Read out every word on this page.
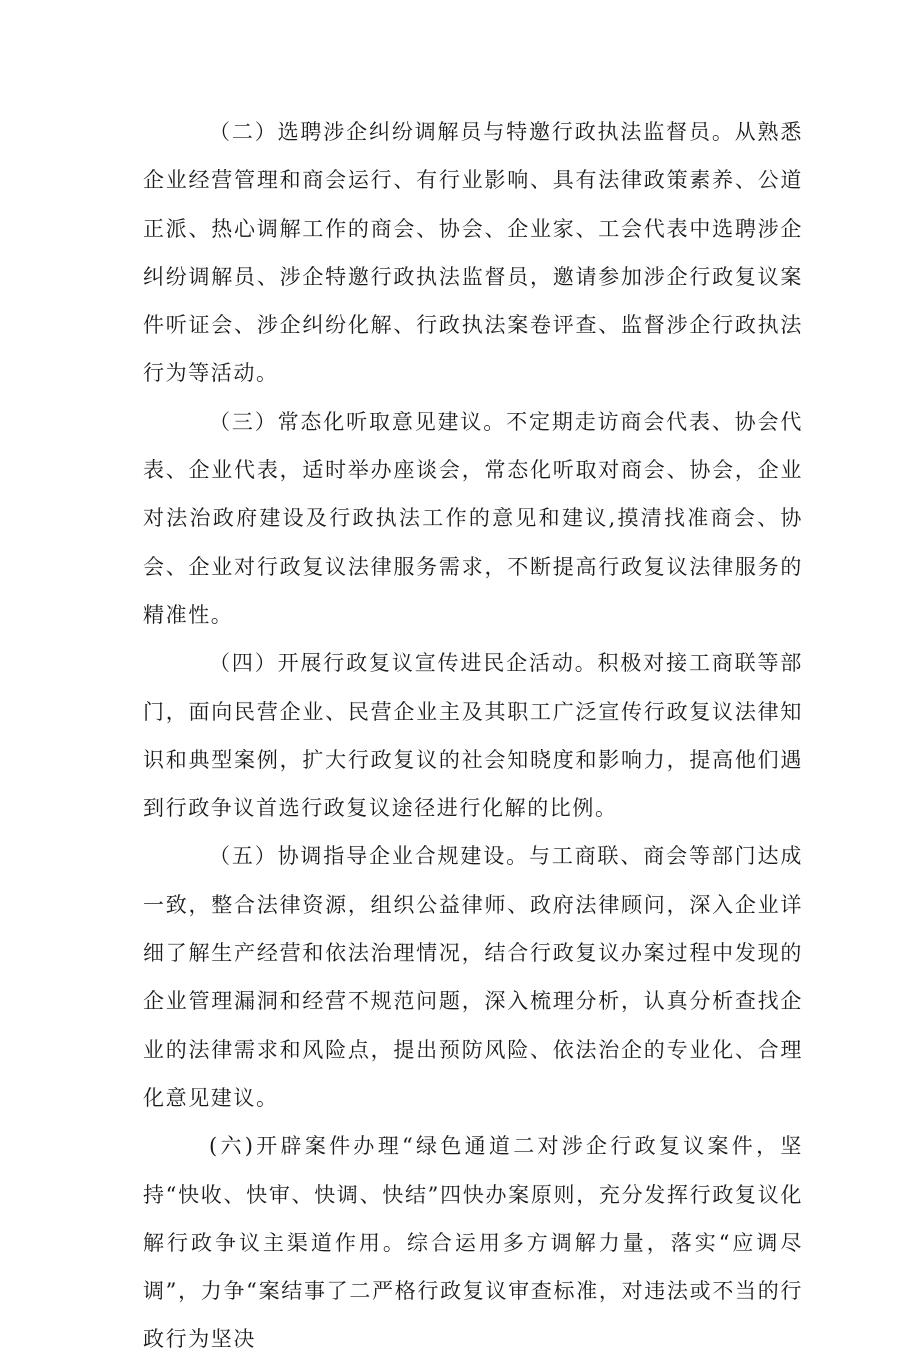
（二）选聘涉企纠纷调解员与特邀行政执法监督员。从熟悉企业经营管理和商会运行、有行业影响、具有法律政策素养、公道正派、热心调解工作的商会、协会、企业家、工会代表中选聘涉企纠纷调解员、涉企特邀行政执法监督员，邀请参加涉企行政复议案件听证会、涉企纠纷化解、行政执法案卷评查、监督涉企行政执法行为等活动。

（三）常态化听取意见建议。不定期走访商会代表、协会代表、企业代表，适时举办座谈会，常态化听取对商会、协会，企业对法治政府建设及行政执法工作的意见和建议,摸清找准商会、协会、企业对行政复议法律服务需求，不断提高行政复议法律服务的精准性。

（四）开展行政复议宣传进民企活动。积极对接工商联等部门，面向民营企业、民营企业主及其职工广泛宣传行政复议法律知识和典型案例，扩大行政复议的社会知晓度和影响力，提高他们遇到行政争议首选行政复议途径进行化解的比例。

（五）协调指导企业合规建设。与工商联、商会等部门达成一致，整合法律资源，组织公益律师、政府法律顾问，深入企业详细了解生产经营和依法治理情况，结合行政复议办案过程中发现的企业管理漏洞和经营不规范问题，深入梳理分析，认真分析查找企业的法律需求和风险点，提出预防风险、依法治企的专业化、合理化意见建议。

(六)开辟案件办理“绿色通道二对涉企行政复议案件，坚持“快收、快审、快调、快结”四快办案原则，充分发挥行政复议化解行政争议主渠道作用。综合运用多方调解力量，落实“应调尽调”，力争“案结事了二严格行政复议审查标准，对违法或不当的行政行为坚决
